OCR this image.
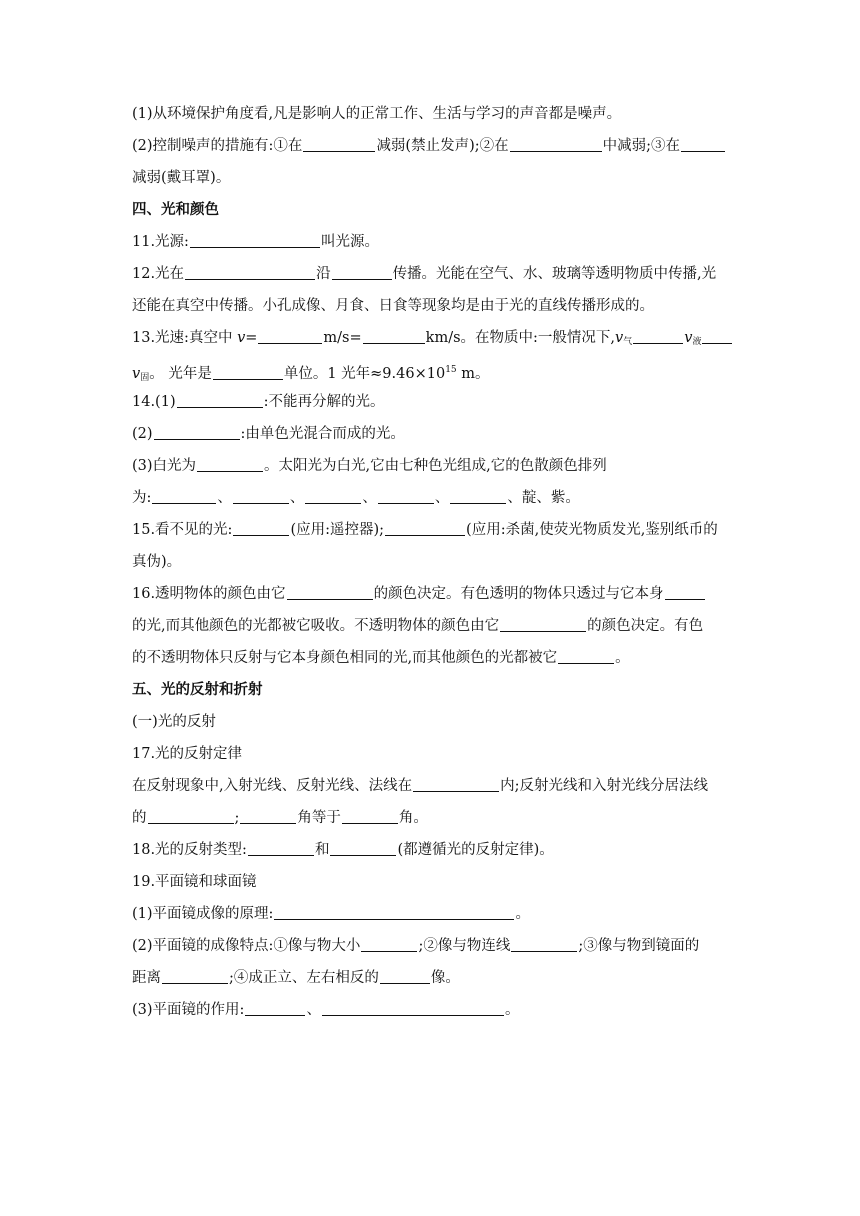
(1)从环境保护角度看,凡是影响人的正常工作、生活与学习的声音都是噪声。
(2)控制噪声的措施有:①在	减弱(禁止发声);②在	中减弱;③在
减弱(戴耳罩)。
四、光和颜色
11.光源:	叫光源。
12.光在	沿	传播。光能在空气、水、玻璃等透明物质中传播,光
还能在真空中传播。小孔成像、月食、日食等现象均是由于光的直线传播形成的。
13.光速:真空中 v=	m/s=	km/s。在物质中:一般情况下$,v_气$	$v_液$
$v_固$。 光年是	单位。1 光年$\approx 9.46\times 10^{15}$ m。
14.(1)	:不能再分解的光。
(2)	:由单色光混合而成的光。
(3)白光为	。太阳光为白光,它由七种色光组成,它的色散颜色排列
为:	、	、	、	、	、靛、紫。
15.看不见的光:	(应用:遥控器);	(应用:杀菌,使荧光物质发光,鉴别纸币的
真伪)。
16.透明物体的颜色由它	的颜色决定。有色透明的物体只透过与它本身
的光,而其他颜色的光都被它吸收。不透明物体的颜色由它	的颜色决定。有色
的不透明物体只反射与它本身颜色相同的光,而其他颜色的光都被它	。
五、光的反射和折射
(一)光的反射
17.光的反射定律
在反射现象中,入射光线、反射光线、法线在	内;反射光线和入射光线分居法线
的	;	角等于	角。
18.光的反射类型:	和	(都遵循光的反射定律)。
19.平面镜和球面镜
(1)平面镜成像的原理:	。
(2)平面镜的成像特点:①像与物大小	;②像与物连线	;③像与物到镜面的
距离	;④成正立、左右相反的	像。
(3)平面镜的作用:	、	。
